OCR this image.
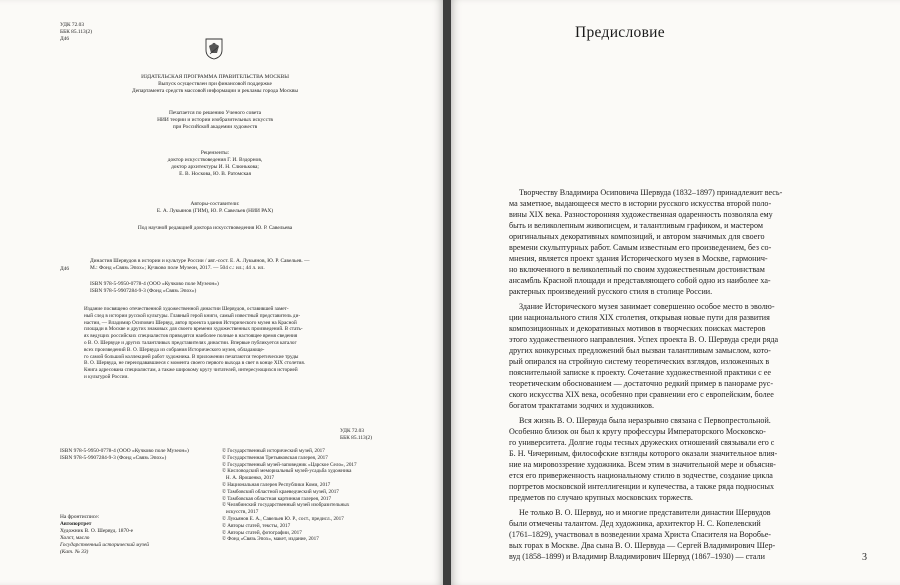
УДК 72.03
ББК 85.113(2)
Д46
ИЗДАТЕЛЬСКАЯ ПРОГРАММА ПРАВИТЕЛЬСТВА МОСКВЫ
Выпуск осуществлен при финансовой поддержке
Департамента средств массовой информации и рекламы города Москвы
Печатается по решению Ученого совета
НИИ теории и истории изобразительных искусств
при Российской академии художеств
Рецензенты:
доктор искусствоведения Г. И. Вздорнов,
доктор архитектуры И. Н. Слюнькова;
Е. В. Носкова, Ю. В. Ратомская
Авторы-составители:
Е. А. Лукьянов (ГИМ), Ю. Р. Савельев (НИИ РАХ)
Под научной редакцией доктора искусствоведения Ю. Р. Савельева
Д46
Династия Шервудов в истории и культуре России / авт.-сост. Е. А. Лукьянов, Ю. Р. Савельев. —
М.: Фонд «Связь Эпох»; Кучково поле Музеон, 2017. — 504 с.: ил.; 44 л. ил.
ISBN 978-5-9950-0778-4 (ООО «Кучково поле Музеон»)
ISBN 978-5-9907284-9-3 (Фонд «Связь Эпох»)
Издание посвящено отечественной художественной династии Шервудов, оставившей замет-
ный след в истории русской культуры. Главный герой книги, самый известный представитель ди-
настии, — Владимир Осипович Шервуд, автор проекта здания Исторического музея на Красной
площади в Москве и других знаковых для своего времени художественных произведений. В стать-
ях ведущих российских специалистов приводятся наиболее полные в настоящее время сведения
о В. О. Шервуде и других талантливых представителях династии. Впервые публикуется каталог
всех произведений В. О. Шервуда из собрания Исторического музея, обладающе-
го самой большой коллекцией работ художника. В приложении печатаются теоретические труды
В. О. Шервуда, не переиздававшиеся с момента своего первого выхода в свет в конце XIX столетия.
Книга адресована специалистам, а также широкому кругу читателей, интересующихся историей
и культурой России.
УДК 72.03
ББК 85.113(2)
ISBN 978-5-9950-0778-4 (ООО «Кучково поле Музеон»)
ISBN 978-5-9907284-9-3 (Фонд «Связь Эпох»)
© Государственный исторический музей, 2017
© Государственная Третьяковская галерея, 2017
© Государственный музей-заповедник «Царское Село», 2017
© Кисловодский мемориальный музей-усадьба художника
Н. А. Ярошенко, 2017
© Национальная галерея Республики Коми, 2017
© Тамбовский областной краеведческий музей, 2017
© Тамбовская областная картинная галерея, 2017
© Челябинский государственный музей изобразительных
искусств, 2017
© Лукьянов Е. А., Савельев Ю. Р., сост., предисл., 2017
© Авторы статей, тексты, 2017
© Авторы статей, фотографии, 2017
© Фонд «Связь Эпох», макет, издание, 2017
На фронтисписе:
Автопортрет
Художник В. О. Шервуд. 1870-е
Холст, масло
Государственный исторический музей
(Кат. № 33)
Предисловие

Творчеству Владимира Осиповича Шервуда (1832–1897) принадлежит весь-
ма заметное, выдающееся место в истории русского искусства второй поло-
вины XIX века. Разносторонняя художественная одаренность позволяла ему
быть и великолепным живописцем, и талантливым графиком, и мастером
оригинальных декоративных композиций, и автором значимых для своего
времени скульптурных работ. Самым известным его произведением, без со-
мнения, является проект здания Исторического музея в Москве, гармонич-
но включенного в великолепный по своим художественным достоинствам
ансамбль Красной площади и представляющего собой одно из наиболее ха-
рактерных произведений русского стиля в столице России.

Здание Исторического музея занимает совершенно особое место в эволю-
ции национального стиля XIX столетия, открывая новые пути для развития
композиционных и декоративных мотивов в творческих поисках мастеров
этого художественного направления. Успех проекта В. О. Шервуда среди ряда
других конкурсных предложений был вызван талантливым замыслом, кото-
рый опирался на стройную систему теоретических взглядов, изложенных в
пояснительной записке к проекту. Сочетание художественной практики с ее
теоретическим обоснованием — достаточно редкий пример в панораме рус-
ского искусства XIX века, особенно при сравнении его с европейским, более
богатом трактатами зодчих и художников.

Вся жизнь В. О. Шервуда была неразрывно связана с Первопрестольной.
Особенно близок он был к кругу профессуры Императорского Московско-
го университета. Долгие годы тесных дружеских отношений связывали его с
Б. Н. Чичериным, философские взгляды которого оказали значительное влия-
ние на мировоззрение художника. Всем этим в значительной мере и объясня-
ется его приверженность национальному стилю в зодчестве, создание цикла
портретов московской интеллигенции и купечества, а также ряда подносных
предметов по случаю крупных московских торжеств.

Не только В. О. Шервуд, но и многие представители династии Шервудов
были отмечены талантом. Дед художника, архитектор Н. С. Копелевский
(1761–1829), участвовал в возведении храма Христа Спасителя на Воробье-
вых горах в Москве. Два сына В. О. Шервуда — Сергей Владимирович Шер-
вуд (1858–1899) и Владимир Владимирович Шервуд (1867–1930) — стали	3
